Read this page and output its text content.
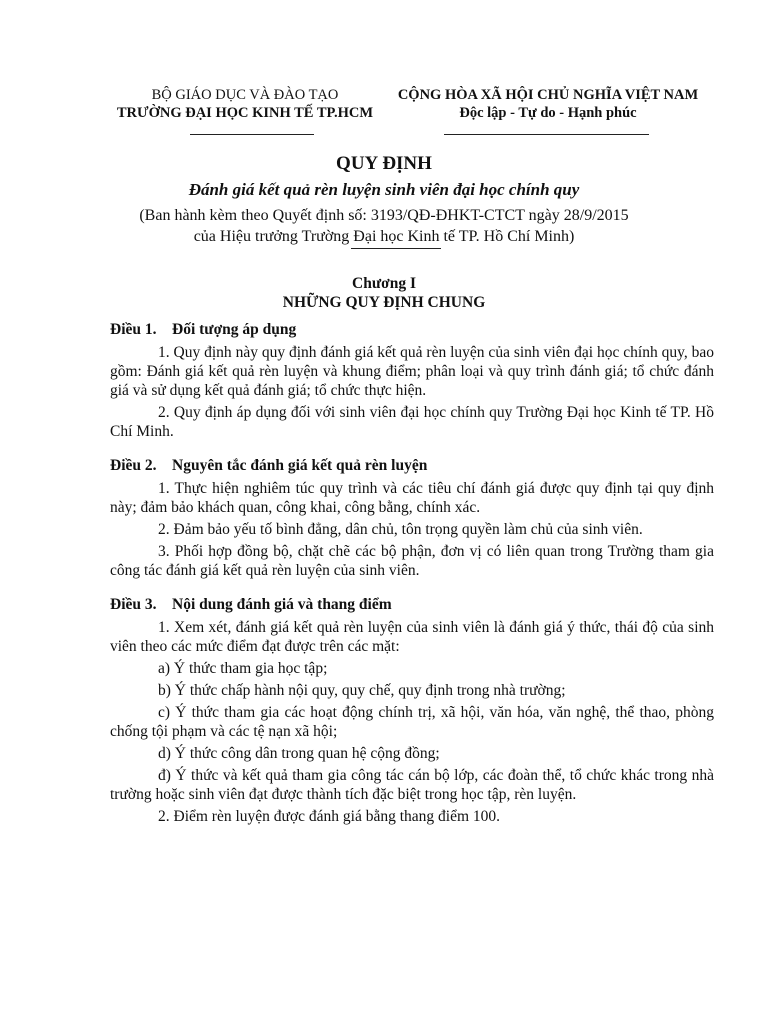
BỘ GIÁO DỤC VÀ ĐÀO TẠO
TRƯỜNG ĐẠI HỌC KINH TẾ TP.HCM
CỘNG HÒA XÃ HỘI CHỦ NGHĨA VIỆT NAM
Độc lập - Tự do - Hạnh phúc
QUY ĐỊNH
Đánh giá kết quả rèn luyện sinh viên đại học chính quy
(Ban hành kèm theo Quyết định số: 3193/QĐ-ĐHKT-CTCT ngày 28/9/2015
của Hiệu trưởng Trường Đại học Kinh tế TP. Hồ Chí Minh)
Chương I
NHỮNG QUY ĐỊNH CHUNG
Điều 1. Đối tượng áp dụng

1. Quy định này quy định đánh giá kết quả rèn luyện của sinh viên đại học chính quy, bao gồm: Đánh giá kết quả rèn luyện và khung điểm; phân loại và quy trình đánh giá; tổ chức đánh giá và sử dụng kết quả đánh giá; tổ chức thực hiện.

2. Quy định áp dụng đối với sinh viên đại học chính quy Trường Đại học Kinh tế TP. Hồ Chí Minh.

Điều 2. Nguyên tắc đánh giá kết quả rèn luyện

1. Thực hiện nghiêm túc quy trình và các tiêu chí đánh giá được quy định tại quy định này; đảm bảo khách quan, công khai, công bằng, chính xác.

2. Đảm bảo yếu tố bình đẳng, dân chủ, tôn trọng quyền làm chủ của sinh viên.

3. Phối hợp đồng bộ, chặt chẽ các bộ phận, đơn vị có liên quan trong Trường tham gia công tác đánh giá kết quả rèn luyện của sinh viên.

Điều 3. Nội dung đánh giá và thang điểm

1. Xem xét, đánh giá kết quả rèn luyện của sinh viên là đánh giá ý thức, thái độ của sinh viên theo các mức điểm đạt được trên các mặt:

a) Ý thức tham gia học tập;

b) Ý thức chấp hành nội quy, quy chế, quy định trong nhà trường;

c) Ý thức tham gia các hoạt động chính trị, xã hội, văn hóa, văn nghệ, thể thao, phòng chống tội phạm và các tệ nạn xã hội;

d) Ý thức công dân trong quan hệ cộng đồng;

đ) Ý thức và kết quả tham gia công tác cán bộ lớp, các đoàn thể, tổ chức khác trong nhà trường hoặc sinh viên đạt được thành tích đặc biệt trong học tập, rèn luyện.

2. Điểm rèn luyện được đánh giá bằng thang điểm 100.
